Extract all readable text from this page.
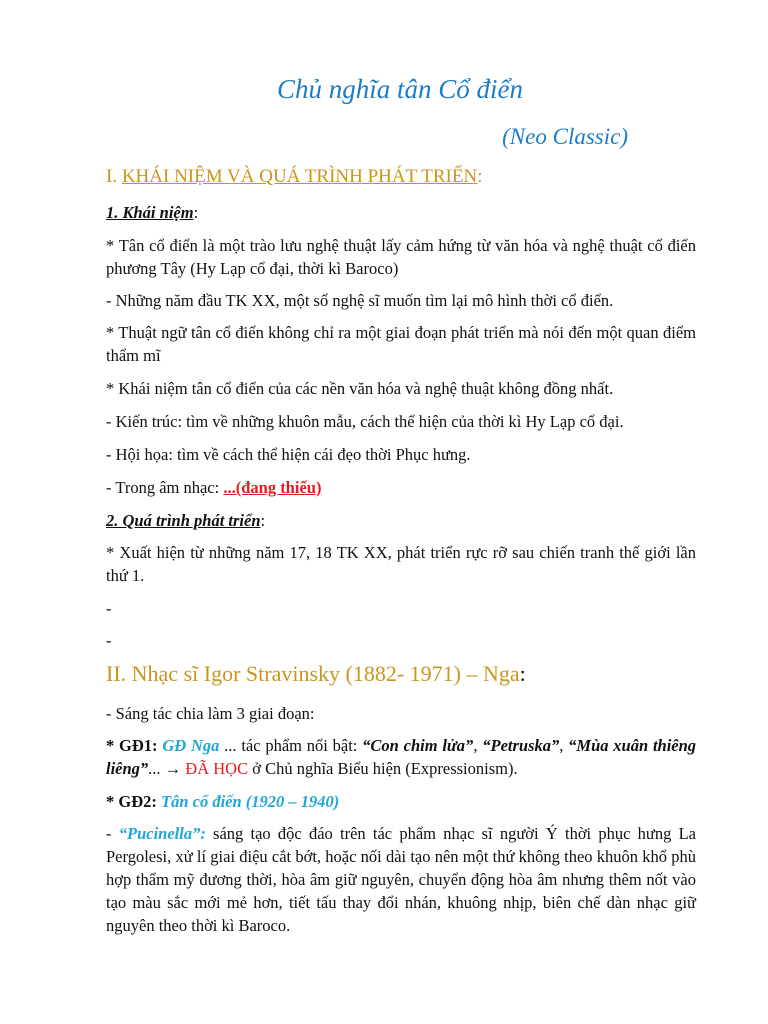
Chủ nghĩa tân Cổ điển
(Neo Classic)
I. KHÁI NIỆM VÀ QUÁ TRÌNH PHÁT TRIỂN:
1. Khái niệm:
* Tân cổ điển là một trào lưu nghệ thuật lấy cảm hứng từ văn hóa và nghệ thuật cổ điển phương Tây (Hy Lạp cổ đại, thời kì Baroco)
- Những năm đầu TK XX, một số nghệ sĩ muốn tìm lại mô hình thời cổ điển.
* Thuật ngữ tân cổ điển không chỉ ra một giai đoạn phát triển mà nói đến một quan điểm thẩm mĩ
* Khái niệm tân cổ điển của các nền văn hóa và nghệ thuật không đồng nhất.
- Kiến trúc: tìm về những khuôn mẫu, cách thể hiện của thời kì Hy Lạp cổ đại.
- Hội họa: tìm về cách thể hiện cái đẹo thời Phục hưng.
- Trong âm nhạc: ...(đang thiếu)
2. Quá trình phát triển:
* Xuất hiện từ những năm 17, 18 TK XX, phát triển rực rỡ sau chiến tranh thế giới lần thứ 1.
-
-
II. Nhạc sĩ Igor Stravinsky (1882- 1971) – Nga:
- Sáng tác chia làm 3 giai đoạn:
* GĐ1: GĐ Nga ... tác phẩm nổi bật: “Con chim lửa”, “Petruska”, “Mùa xuân thiêng liêng”... → ĐÃ HỌC ở Chủ nghĩa Biểu hiện (Expressionism).
* GĐ2: Tân cổ điển (1920 – 1940)
- “Pucinella”: sáng tạo độc đáo trên tác phẩm nhạc sĩ người Ý thời phục hưng La Pergolesi, xử lí giai điệu cắt bớt, hoặc nối dài tạo nên một thứ không theo khuôn khổ phù hợp thẩm mỹ đương thời, hòa âm giữ nguyên, chuyển động hòa âm nhưng thêm nốt vào tạo màu sắc mới mẻ hơn, tiết tấu thay đổi nhán, khuông nhịp, biên chế dàn nhạc giữ nguyên theo thời kì Baroco.
